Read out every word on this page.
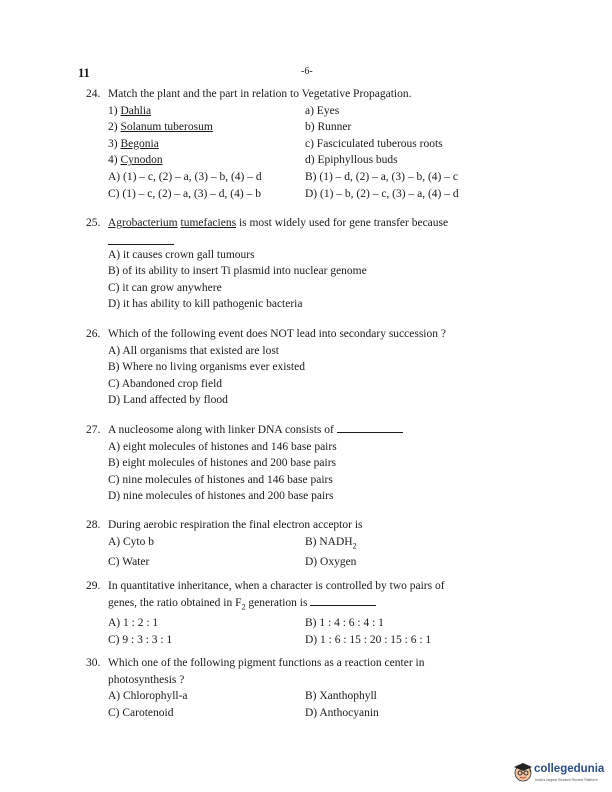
11	-6-
24. Match the plant and the part in relation to Vegetative Propagation.
1) Dahlia	a) Eyes
2) Solanum tuberosum	b) Runner
3) Begonia	c) Fasciculated tuberous roots
4) Cynodon	d) Epiphyllous buds
A) (1) – c, (2) – a, (3) – b, (4) – d	B) (1) – d, (2) – a, (3) – b, (4) – c
C) (1) – c, (2) – a, (3) – d, (4) – b	D) (1) – b, (2) – c, (3) – a, (4) – d
25. Agrobacterium tumefaciens is most widely used for gene transfer because
A) it causes crown gall tumours
B) of its ability to insert Ti plasmid into nuclear genome
C) it can grow anywhere
D) it has ability to kill pathogenic bacteria
26. Which of the following event does NOT lead into secondary succession ?
A) All organisms that existed are lost
B) Where no living organisms ever existed
C) Abandoned crop field
D) Land affected by flood
27. A nucleosome along with linker DNA consists of
A) eight molecules of histones and 146 base pairs
B) eight molecules of histones and 200 base pairs
C) nine molecules of histones and 146 base pairs
D) nine molecules of histones and 200 base pairs
28. During aerobic respiration the final electron acceptor is
A) Cyto b	B) $NADH_2$
C) Water	D) Oxygen
29. In quantitative inheritance, when a character is controlled by two pairs of
genes, the ratio obtained in $F_2$ generation is
A) 1 : 2 : 1	B) 1 : 4 : 6 : 4 : 1
C) 9 : 3 : 3 : 1	D) 1 : 6 : 15 : 20 : 15 : 6 : 1
30. Which one of the following pigment functions as a reaction center in
photosynthesis ?
A) Chlorophyll-a	B) Xanthophyll
C) Carotenoid	D) Anthocyanin
collegedunia
India's largest Student Review Platform
